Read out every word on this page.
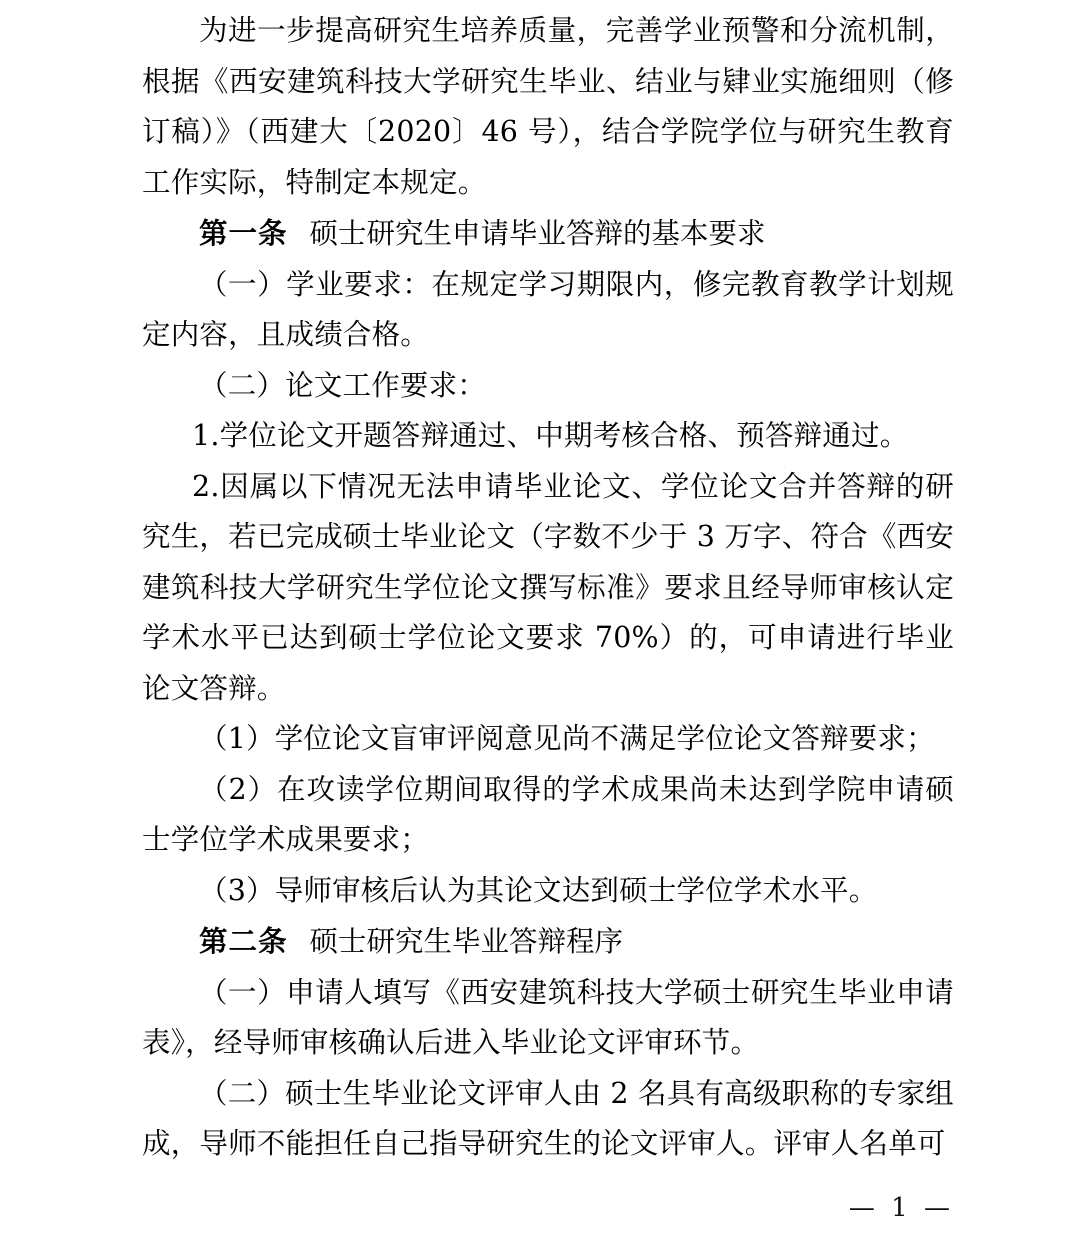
为进一步提高研究生培养质量，完善学业预警和分流机制，根据《西安建筑科技大学研究生毕业、结业与肄业实施细则（修订稿）》（西建大〔2020〕46 号），结合学院学位与研究生教育工作实际，特制定本规定。

第一条 硕士研究生申请毕业答辩的基本要求

（一）学业要求：在规定学习期限内，修完教育教学计划规定内容，且成绩合格。

（二）论文工作要求：

1.学位论文开题答辩通过、中期考核合格、预答辩通过。

2.因属以下情况无法申请毕业论文、学位论文合并答辩的研究生，若已完成硕士毕业论文（字数不少于 3 万字、符合《西安建筑科技大学研究生学位论文撰写标准》要求且经导师审核认定学术水平已达到硕士学位论文要求 70%）的，可申请进行毕业论文答辩。

（1）学位论文盲审评阅意见尚不满足学位论文答辩要求；

（2）在攻读学位期间取得的学术成果尚未达到学院申请硕士学位学术成果要求；

（3）导师审核后认为其论文达到硕士学位学术水平。

第二条 硕士研究生毕业答辩程序

（一）申请人填写《西安建筑科技大学硕士研究生毕业申请表》，经导师审核确认后进入毕业论文评审环节。

（二）硕士生毕业论文评审人由 2 名具有高级职称的专家组成，导师不能担任自己指导研究生的论文评审人。评审人名单可

— 1 —
